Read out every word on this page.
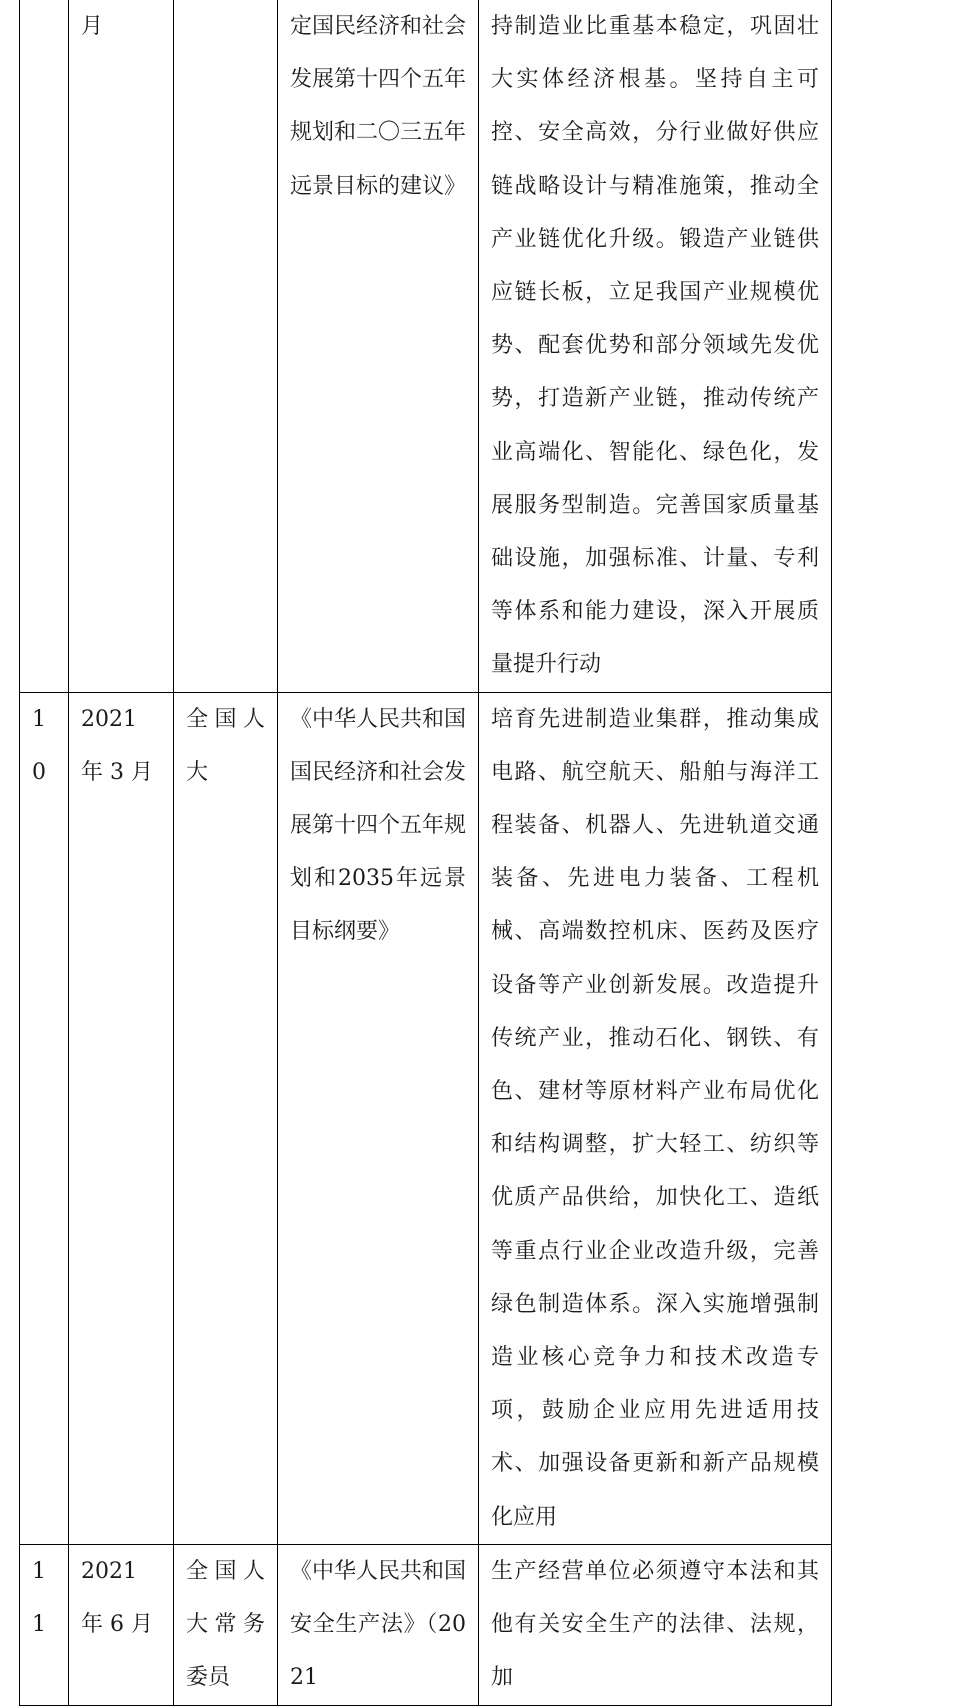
	月		定国民经济和社会发展第十四个五年规划和二〇三五年远景目标的建议》	持制造业比重基本稳定，巩固壮大实体经济根基。坚持自主可控、安全高效，分行业做好供应链战略设计与精准施策，推动全产业链优化升级。锻造产业链供应链长板，立足我国产业规模优势、配套优势和部分领域先发优势，打造新产业链，推动传统产业高端化、智能化、绿色化，发展服务型制造。完善国家质量基础设施，加强标准、计量、专利等体系和能力建设，深入开展质量提升行动

10	2021 年 3 月	全国人大	《中华人民共和国国民经济和社会发展第十四个五年规划和2035年远景目标纲要》	培育先进制造业集群，推动集成电路、航空航天、船舶与海洋工程装备、机器人、先进轨道交通装备、先进电力装备、工程机械、高端数控机床、医药及医疗设备等产业创新发展。改造提升传统产业，推动石化、钢铁、有色、建材等原材料产业布局优化和结构调整，扩大轻工、纺织等优质产品供给，加快化工、造纸等重点行业企业改造升级，完善绿色制造体系。深入实施增强制造业核心竞争力和技术改造专项，鼓励企业应用先进适用技术、加强设备更新和新产品规模化应用

11	2021 年 6 月	全国人大常务委员	《中华人民共和国安全生产法》（2021	生产经营单位必须遵守本法和其他有关安全生产的法律、法规，加
